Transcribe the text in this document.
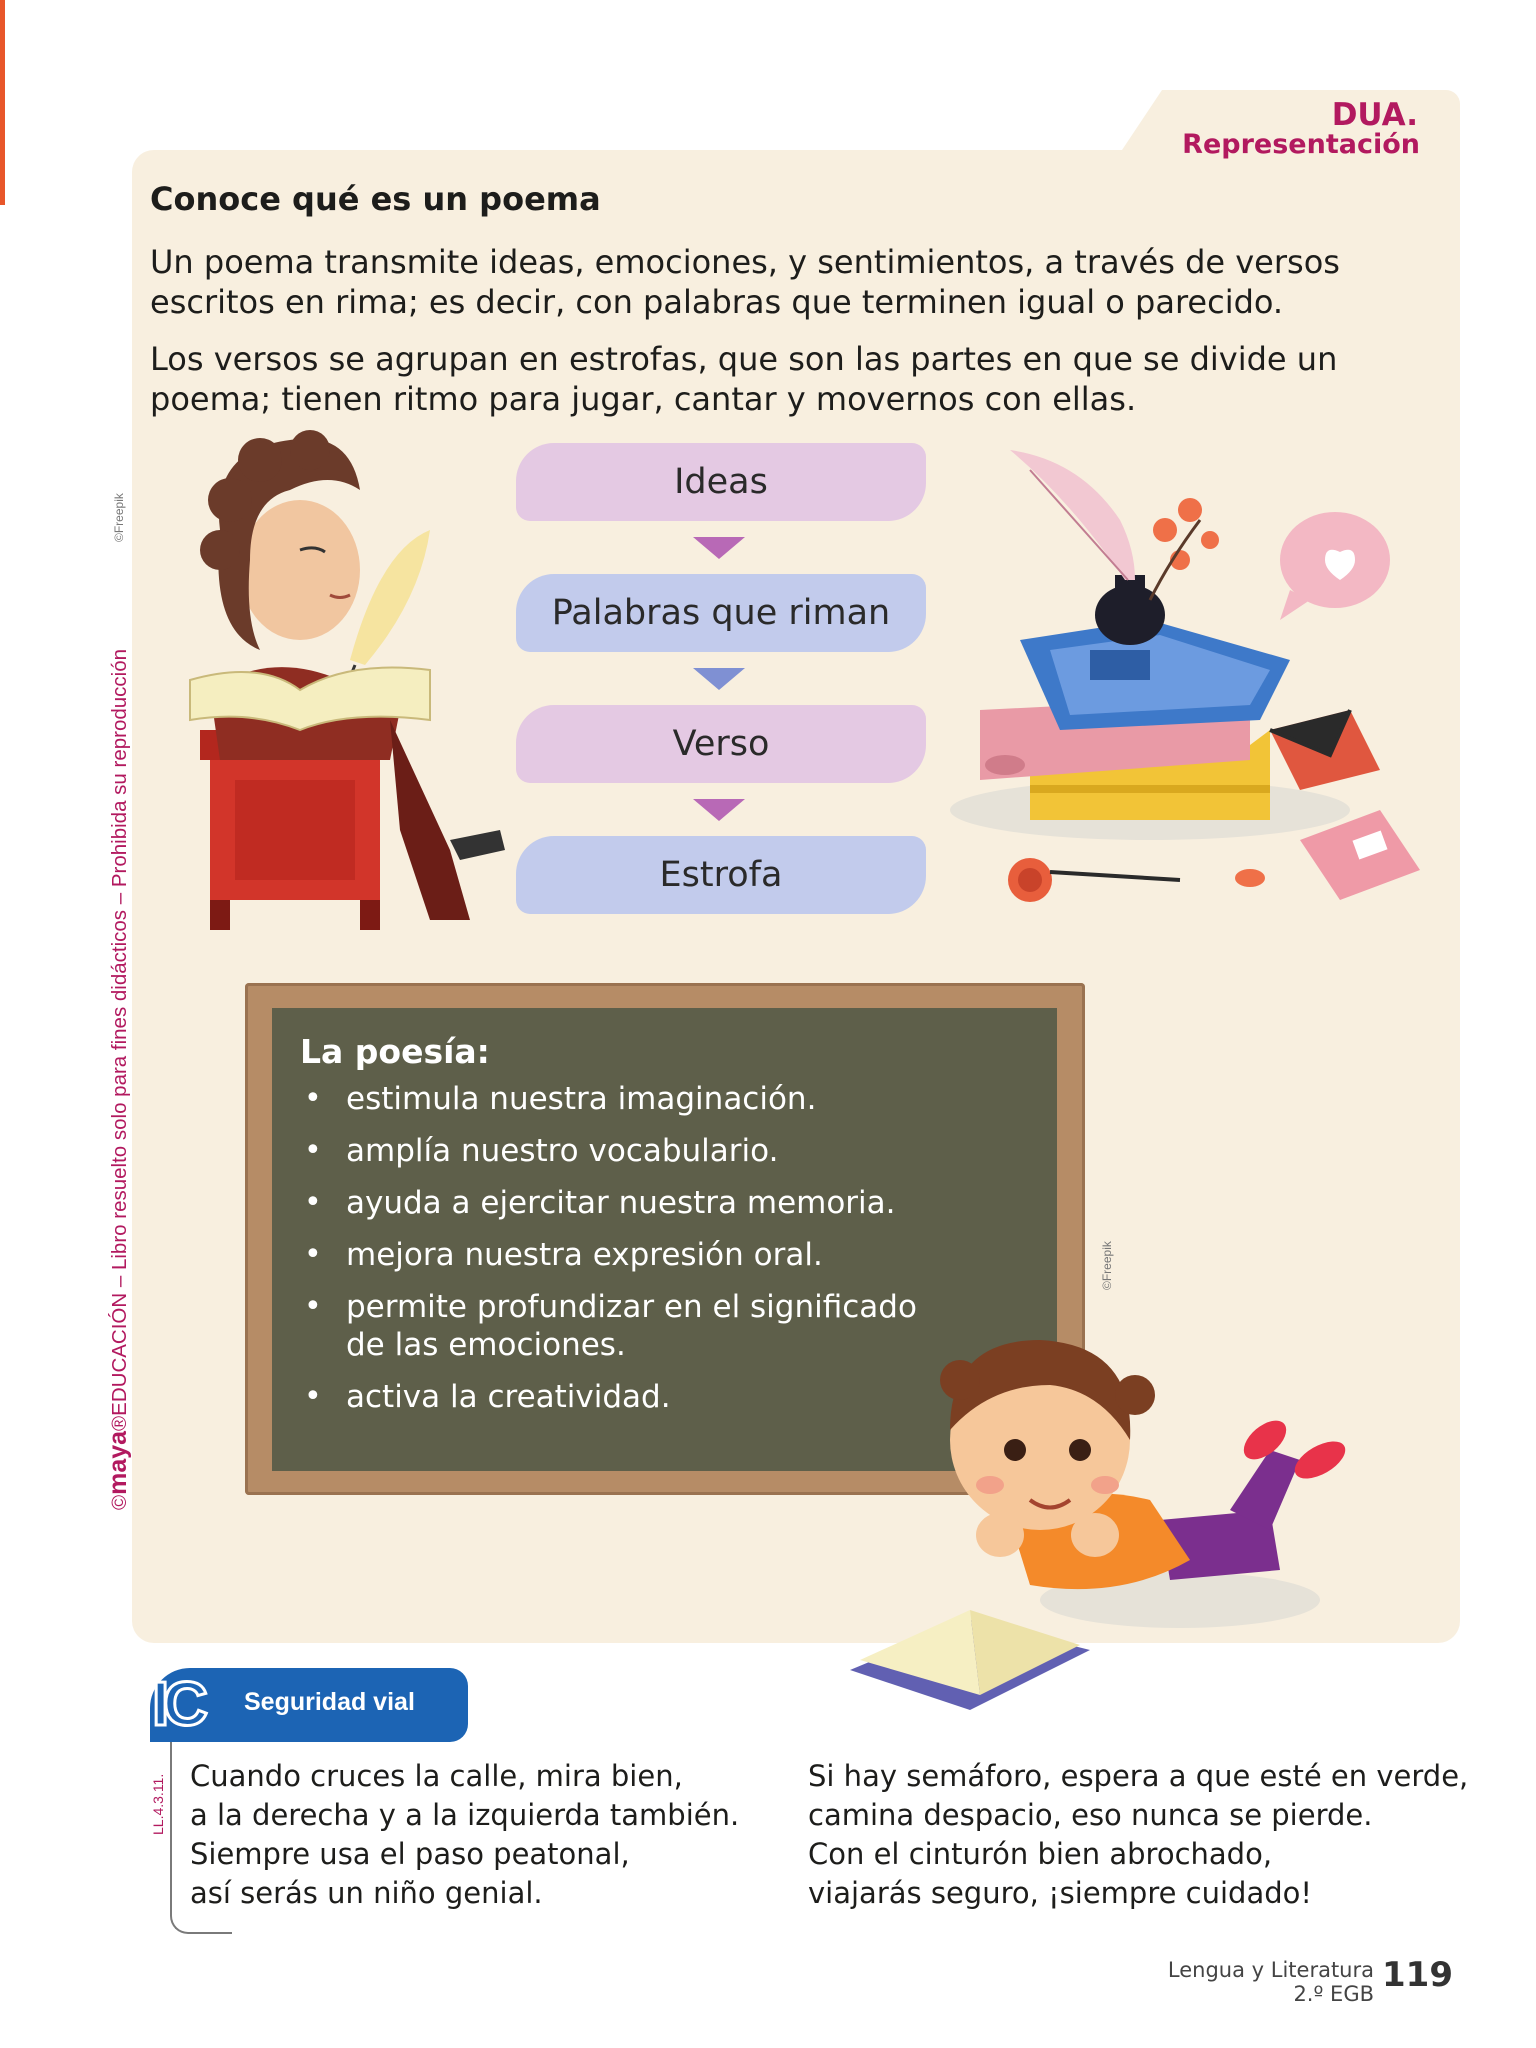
DUA.
Representación
Conoce qué es un poema
Un poema transmite ideas, emociones, y sentimientos, a través de versos escritos en rima; es decir, con palabras que terminen igual o parecido.
Los versos se agrupan en estrofas, que son las partes en que se divide un poema; tienen ritmo para jugar, cantar y movernos con ellas.
Ideas
Palabras que riman
Verso
Estrofa
La poesía:
• estimula nuestra imaginación.
• amplía nuestro vocabulario.
• ayuda a ejercitar nuestra memoria.
• mejora nuestra expresión oral.
• permite profundizar en el significado de las emociones.
• activa la creatividad.
©maya®EDUCACIÓN – Libro resuelto solo para fines didácticos – Prohibida su reproducción
©Freepik
©Freepik
IC Seguridad vial
LL.4.3.11. Cuando cruces la calle, mira bien,
a la derecha y a la izquierda también.
Siempre usa el paso peatonal,
así serás un niño genial.
Si hay semáforo, espera a que esté en verde,
camina despacio, eso nunca se pierde.
Con el cinturón bien abrochado,
viajarás seguro, ¡siempre cuidado!
Lengua y Literatura
2.º EGB 119
